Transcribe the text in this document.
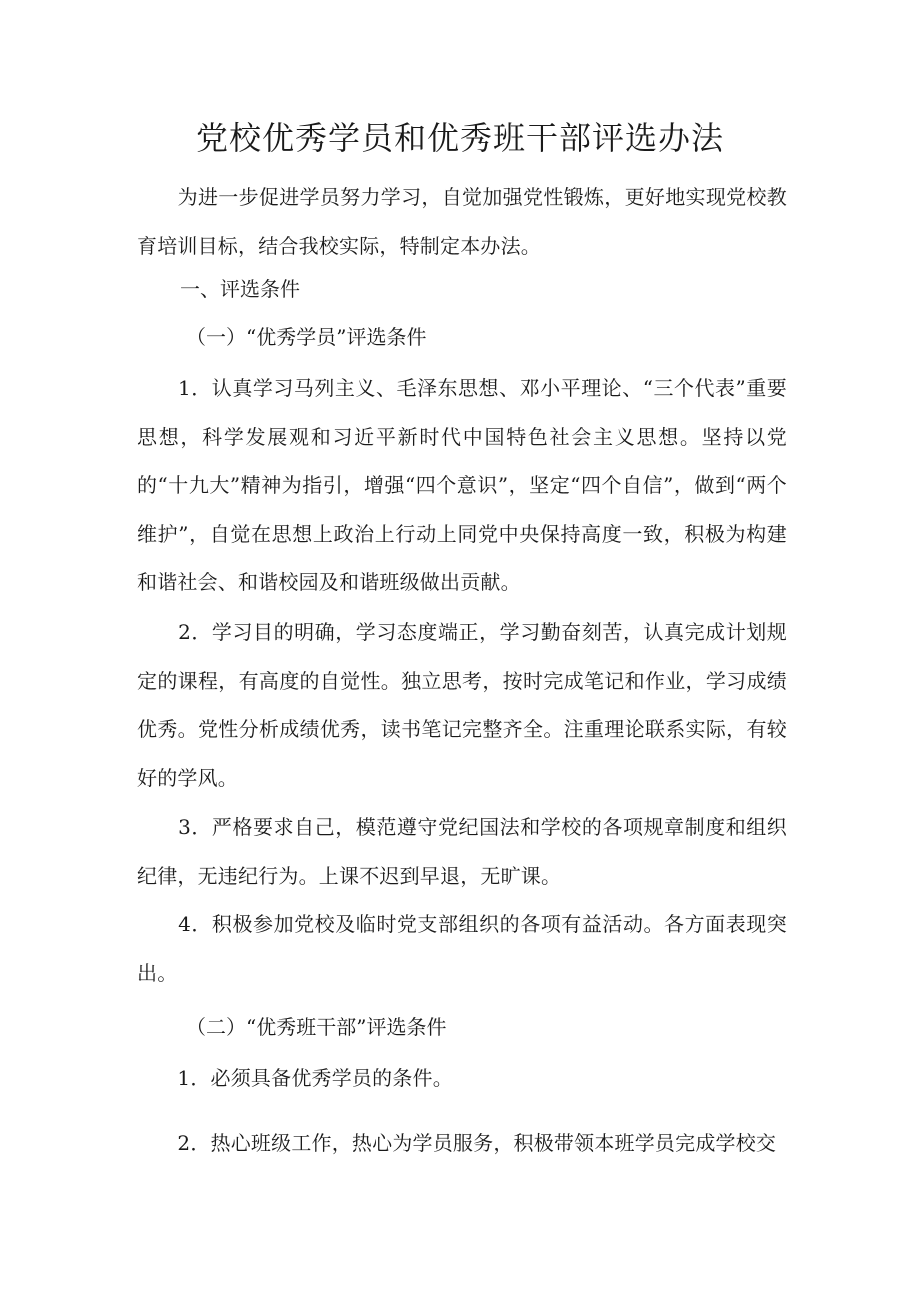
党校优秀学员和优秀班干部评选办法

　　为进一步促进学员努力学习，自觉加强党性锻炼，更好地实现党校教育培训目标，结合我校实际，特制定本办法。

一、评选条件

（一）“优秀学员”评选条件

　　1．认真学习马列主义、毛泽东思想、邓小平理论、“三个代表”重要思想，科学发展观和习近平新时代中国特色社会主义思想。坚持以党的“十九大”精神为指引，增强“四个意识”，坚定“四个自信”，做到“两个维护”，自觉在思想上政治上行动上同党中央保持高度一致，积极为构建和谐社会、和谐校园及和谐班级做出贡献。

　　2．学习目的明确，学习态度端正，学习勤奋刻苦，认真完成计划规定的课程，有高度的自觉性。独立思考，按时完成笔记和作业，学习成绩优秀。党性分析成绩优秀，读书笔记完整齐全。注重理论联系实际，有较好的学风。

　　3．严格要求自己，模范遵守党纪国法和学校的各项规章制度和组织纪律，无违纪行为。上课不迟到早退，无旷课。

　　4．积极参加党校及临时党支部组织的各项有益活动。各方面表现突出。

（二）“优秀班干部”评选条件

　　1．必须具备优秀学员的条件。

　　2．热心班级工作，热心为学员服务，积极带领本班学员完成学校交
